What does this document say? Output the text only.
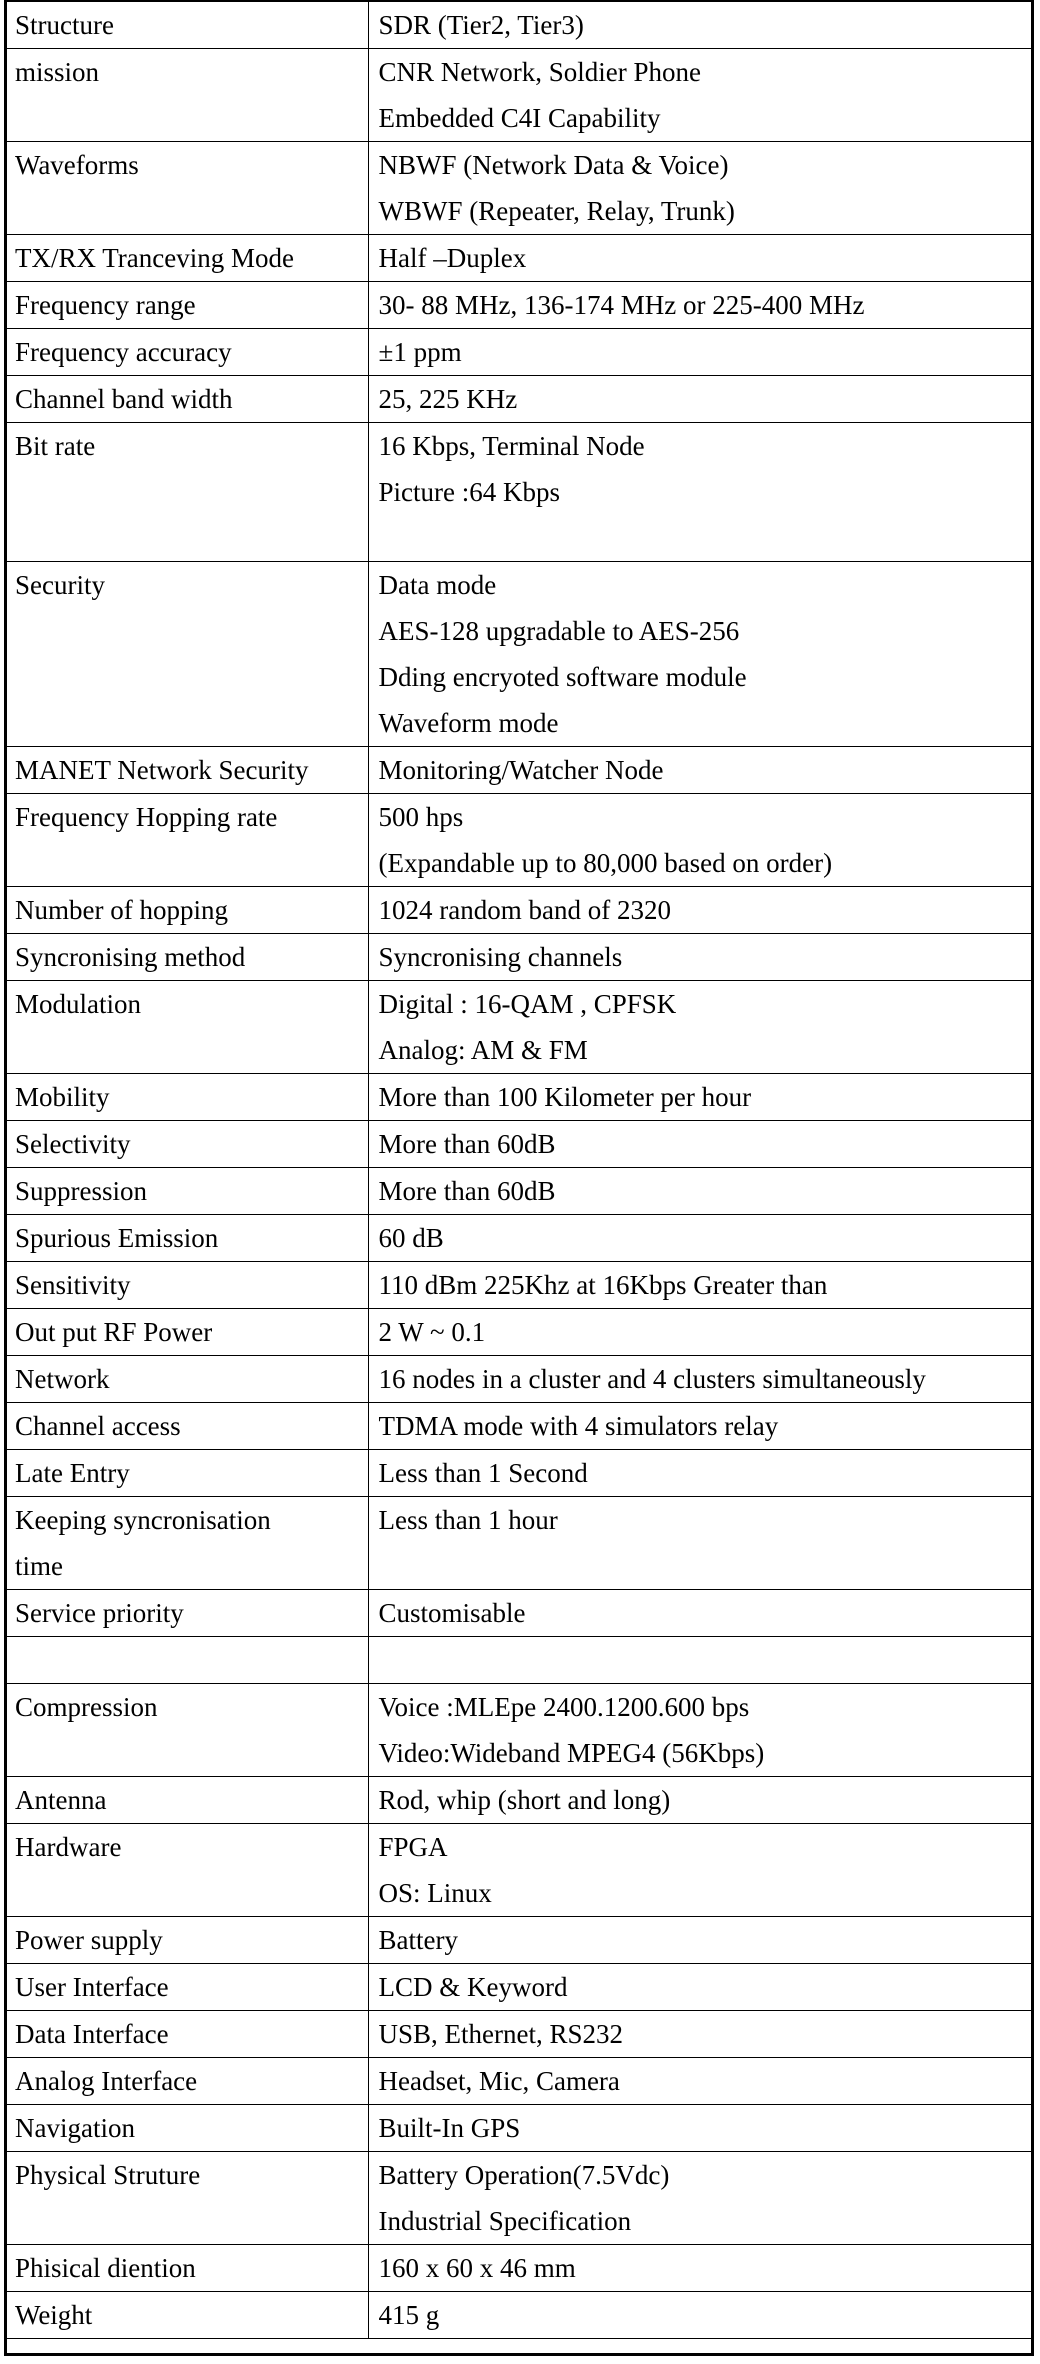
Structure	SDR (Tier2, Tier3)

mission	CNR Network, Soldier Phone
Embedded C4I Capability

Waveforms	NBWF (Network Data & Voice)
WBWF (Repeater, Relay, Trunk)

TX/RX Tranceving Mode	Half –Duplex

Frequency range	30- 88 MHz, 136-174 MHz or 225-400 MHz

Frequency accuracy	±1 ppm

Channel band width	25, 225 KHz

Bit rate	16 Kbps, Terminal Node
Picture :64 Kbps

Security	Data mode
AES-128 upgradable to AES-256
Dding encryoted software module
Waveform mode

MANET Network Security	Monitoring/Watcher Node

Frequency Hopping rate	500 hps
(Expandable up to 80,000 based on order)

Number of hopping	1024 random band of 2320

Syncronising method	Syncronising channels

Modulation	Digital : 16-QAM , CPFSK
Analog: AM & FM

Mobility	More than 100 Kilometer per hour

Selectivity	More than 60dB

Suppression	More than 60dB

Spurious Emission	60 dB

Sensitivity	110 dBm 225Khz at 16Kbps Greater than

Out put RF Power	2 W ~ 0.1

Network	16 nodes in a cluster and 4 clusters simultaneously

Channel access	TDMA mode with 4 simulators relay

Late Entry	Less than 1 Second

Keeping syncronisation
time	Less than 1 hour

Service priority	Customisable

Compression	Voice :MLEpe 2400.1200.600 bps
Video:Wideband MPEG4 (56Kbps)

Antenna	Rod, whip (short and long)

Hardware	FPGA
OS: Linux

Power supply	Battery

User Interface	LCD & Keyword

Data Interface	USB, Ethernet, RS232

Analog Interface	Headset, Mic, Camera

Navigation	Built-In GPS

Physical Struture	Battery Operation(7.5Vdc)
Industrial Specification

Phisical diention	160 x 60 x 46 mm

Weight	415 g
